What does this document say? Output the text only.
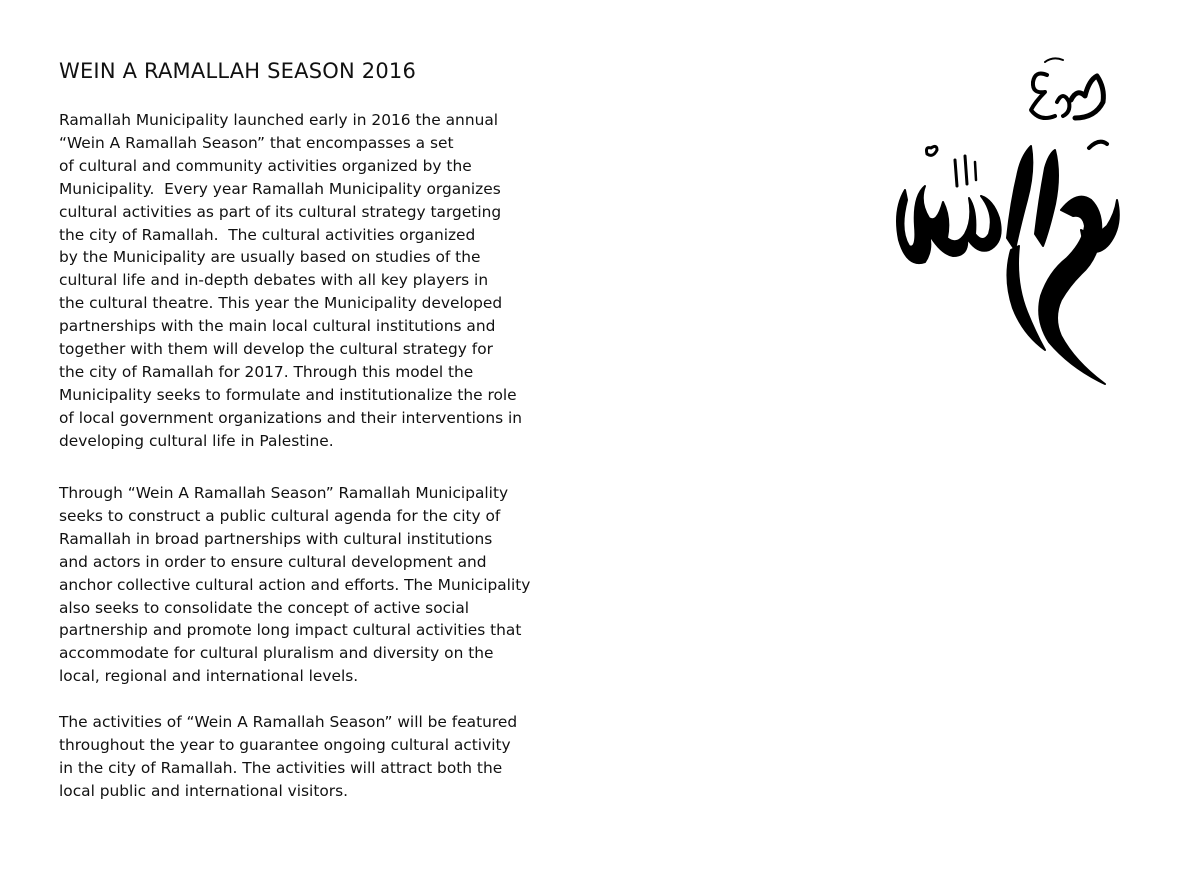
WEIN A RAMALLAH SEASON 2016
Ramallah Municipality launched early in 2016 the annual
“Wein A Ramallah Season” that encompasses a set
of cultural and community activities organized by the
Municipality.  Every year Ramallah Municipality organizes
cultural activities as part of its cultural strategy targeting
the city of Ramallah.  The cultural activities organized
by the Municipality are usually based on studies of the
cultural life and in-depth debates with all key players in
the cultural theatre. This year the Municipality developed
partnerships with the main local cultural institutions and
together with them will develop the cultural strategy for
the city of Ramallah for 2017. Through this model the
Municipality seeks to formulate and institutionalize the role
of local government organizations and their interventions in
developing cultural life in Palestine.
Through “Wein A Ramallah Season” Ramallah Municipality
seeks to construct a public cultural agenda for the city of
Ramallah in broad partnerships with cultural institutions
and actors in order to ensure cultural development and
anchor collective cultural action and efforts. The Municipality
also seeks to consolidate the concept of active social
partnership and promote long impact cultural activities that
accommodate for cultural pluralism and diversity on the
local, regional and international levels.
The activities of “Wein A Ramallah Season” will be featured
throughout the year to guarantee ongoing cultural activity
in the city of Ramallah. The activities will attract both the
local public and international visitors.
